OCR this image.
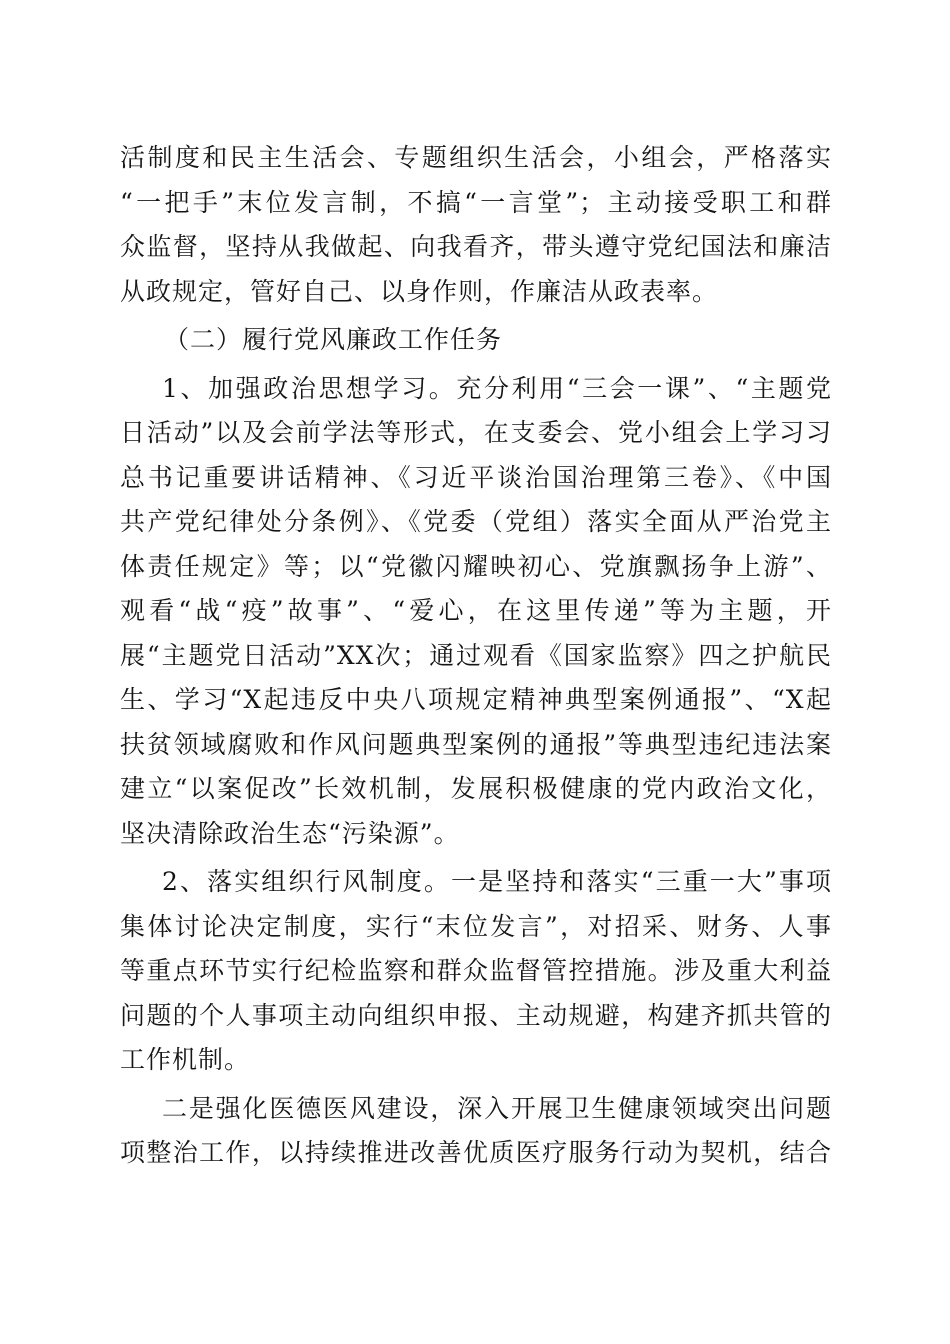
活制度和民主生活会、专题组织生活会，小组会，严格落实
“一把手”末位发言制，不搞“一言堂”；主动接受职工和群
众监督，坚持从我做起、向我看齐，带头遵守党纪国法和廉洁
从政规定，管好自己、以身作则，作廉洁从政表率。
（二）履行党风廉政工作任务
1、加强政治思想学习。充分利用“三会一课”、“主题党
日活动”以及会前学法等形式，在支委会、党小组会上学习习
总书记重要讲话精神、《习近平谈治国治理第三卷》、《中国
共产党纪律处分条例》、《党委（党组）落实全面从严治党主
体责任规定》等；以“党徽闪耀映初心、党旗飘扬争上游”、
观看“战“疫”故事”、“爱心，在这里传递”等为主题，开
展“主题党日活动”XX次；通过观看《国家监察》四之护航民
生、学习“X起违反中央八项规定精神典型案例通报”、“X起
扶贫领域腐败和作风问题典型案例的通报”等典型违纪违法案
建立“以案促改”长效机制，发展积极健康的党内政治文化，
坚决清除政治生态“污染源”。
2、落实组织行风制度。一是坚持和落实“三重一大”事项
集体讨论决定制度，实行“末位发言”，对招采、财务、人事
等重点环节实行纪检监察和群众监督管控措施。涉及重大利益
问题的个人事项主动向组织申报、主动规避，构建齐抓共管的
工作机制。
二是强化医德医风建设，深入开展卫生健康领域突出问题
项整治工作，以持续推进改善优质医疗服务行动为契机，结合
